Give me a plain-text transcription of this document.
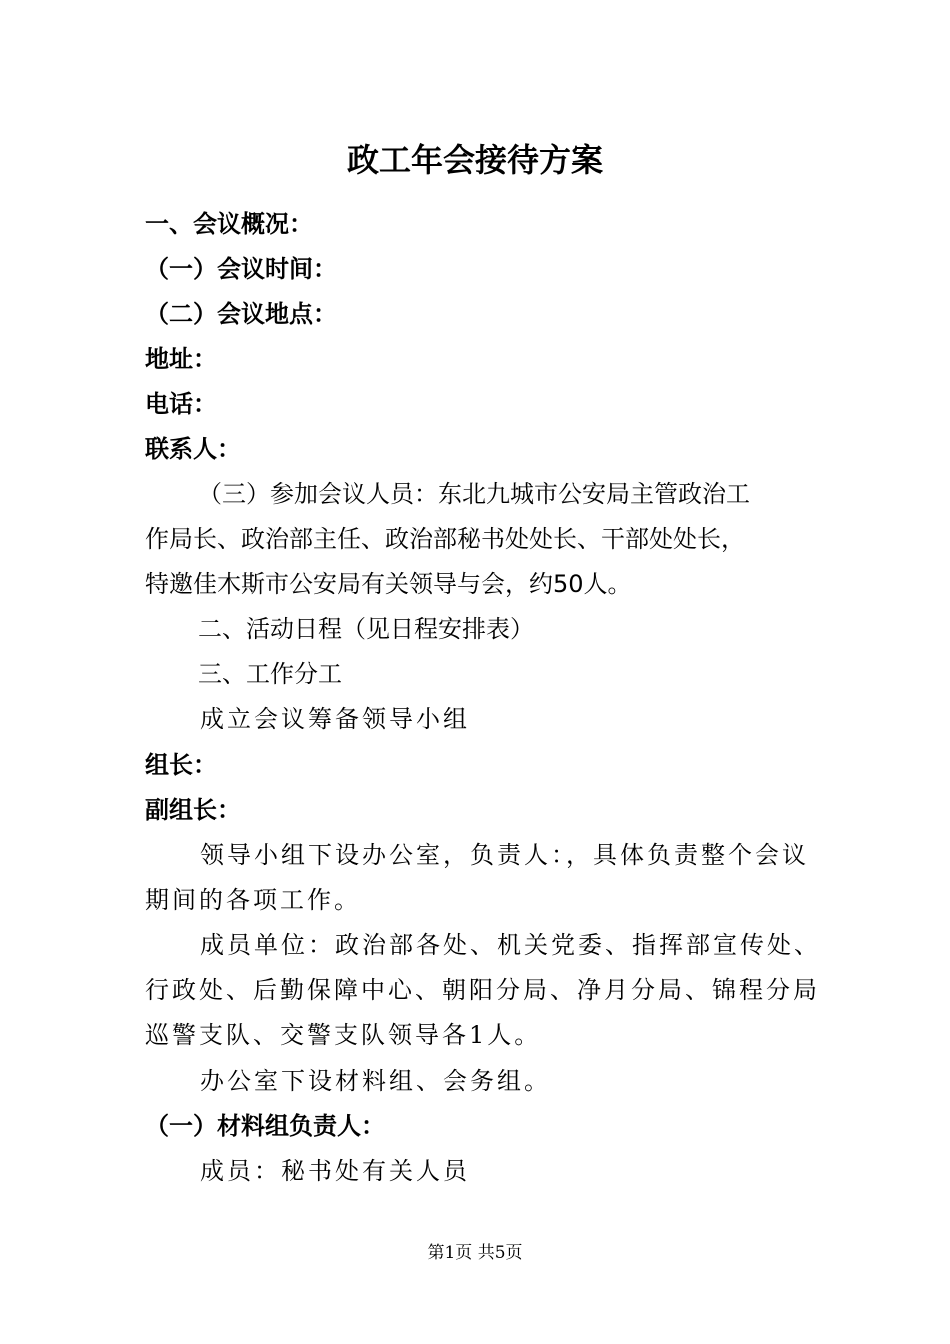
政工年会接待方案
一、会议概况：
（一）会议时间：
（二）会议地点：
地址：
电话：
联系人：
（三）参加会议人员：东北九城市公安局主管政治工
作局长、政治部主任、政治部秘书处处长、干部处处长，
特邀佳木斯市公安局有关领导与会，约50人。
二、活动日程（见日程安排表）
三、工作分工
成立会议筹备领导小组
组长：
副组长：
领导小组下设办公室，负责人：，具体负责整个会议
期间的各项工作。
成员单位：政治部各处、机关党委、指挥部宣传处、
行政处、后勤保障中心、朝阳分局、净月分局、锦程分局
巡警支队、交警支队领导各1人。
办公室下设材料组、会务组。
（一）材料组负责人：
成员：秘书处有关人员
第1页 共5页
